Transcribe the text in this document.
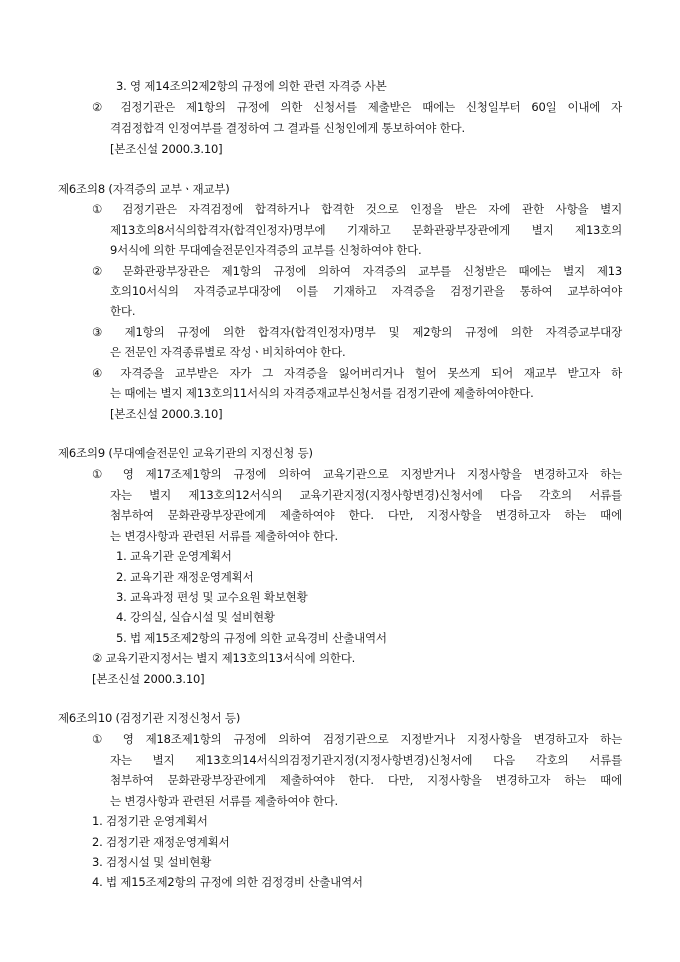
3. 영 제14조의2제2항의 규정에 의한 관련 자격증 사본
② 검정기관은 제1항의 규정에 의한 신청서를 제출받은 때에는 신청일부터 60일 이내에 자
격검정합격 인정여부를 결정하여 그 결과를 신청인에게 통보하여야 한다.
[본조신설 2000.3.10]
제6조의8 (자격증의 교부ㆍ재교부)
① 검정기관은 자격검정에 합격하거나 합격한 것으로 인정을 받은 자에 관한 사항을 별지
제13호의8서식의합격자(합격인정자)명부에 기재하고 문화관광부장관에게 별지 제13호의
9서식에 의한 무대예술전문인자격증의 교부를 신청하여야 한다.
② 문화관광부장관은 제1항의 규정에 의하여 자격증의 교부를 신청받은 때에는 별지 제13
호의10서식의 자격증교부대장에 이를 기재하고 자격증을 검정기관을 통하여 교부하여야
한다.
③ 제1항의 규정에 의한 합격자(합격인정자)명부 및 제2항의 규정에 의한 자격증교부대장
은 전문인 자격종류별로 작성ㆍ비치하여야 한다.
④ 자격증을 교부받은 자가 그 자격증을 잃어버리거나 헐어 못쓰게 되어 재교부 받고자 하
는 때에는 별지 제13호의11서식의 자격증재교부신청서를 검정기관에 제출하여야한다.
[본조신설 2000.3.10]
제6조의9 (무대예술전문인 교육기관의 지정신청 등)
① 영 제17조제1항의 규정에 의하여 교육기관으로 지정받거나 지정사항을 변경하고자 하는
자는 별지 제13호의12서식의 교육기관지정(지정사항변경)신청서에 다음 각호의 서류를
첨부하여 문화관광부장관에게 제출하여야 한다. 다만, 지정사항을 변경하고자 하는 때에
는 변경사항과 관련된 서류를 제출하여야 한다.
1. 교육기관 운영계획서
2. 교육기관 재정운영계획서
3. 교육과정 편성 및 교수요원 확보현황
4. 강의실, 실습시설 및 설비현황
5. 법 제15조제2항의 규정에 의한 교육경비 산출내역서
② 교육기관지정서는 별지 제13호의13서식에 의한다.
[본조신설 2000.3.10]
제6조의10 (검정기관 지정신청서 등)
① 영 제18조제1항의 규정에 의하여 검정기관으로 지정받거나 지정사항을 변경하고자 하는
자는 별지 제13호의14서식의검정기관지정(지정사항변경)신청서에 다음 각호의 서류를
첨부하여 문화관광부장관에게 제출하여야 한다. 다만, 지정사항을 변경하고자 하는 때에
는 변경사항과 관련된 서류를 제출하여야 한다.
1. 검정기관 운영계획서
2. 검정기관 재정운영계획서
3. 검정시설 및 설비현황
4. 법 제15조제2항의 규정에 의한 검정경비 산출내역서
